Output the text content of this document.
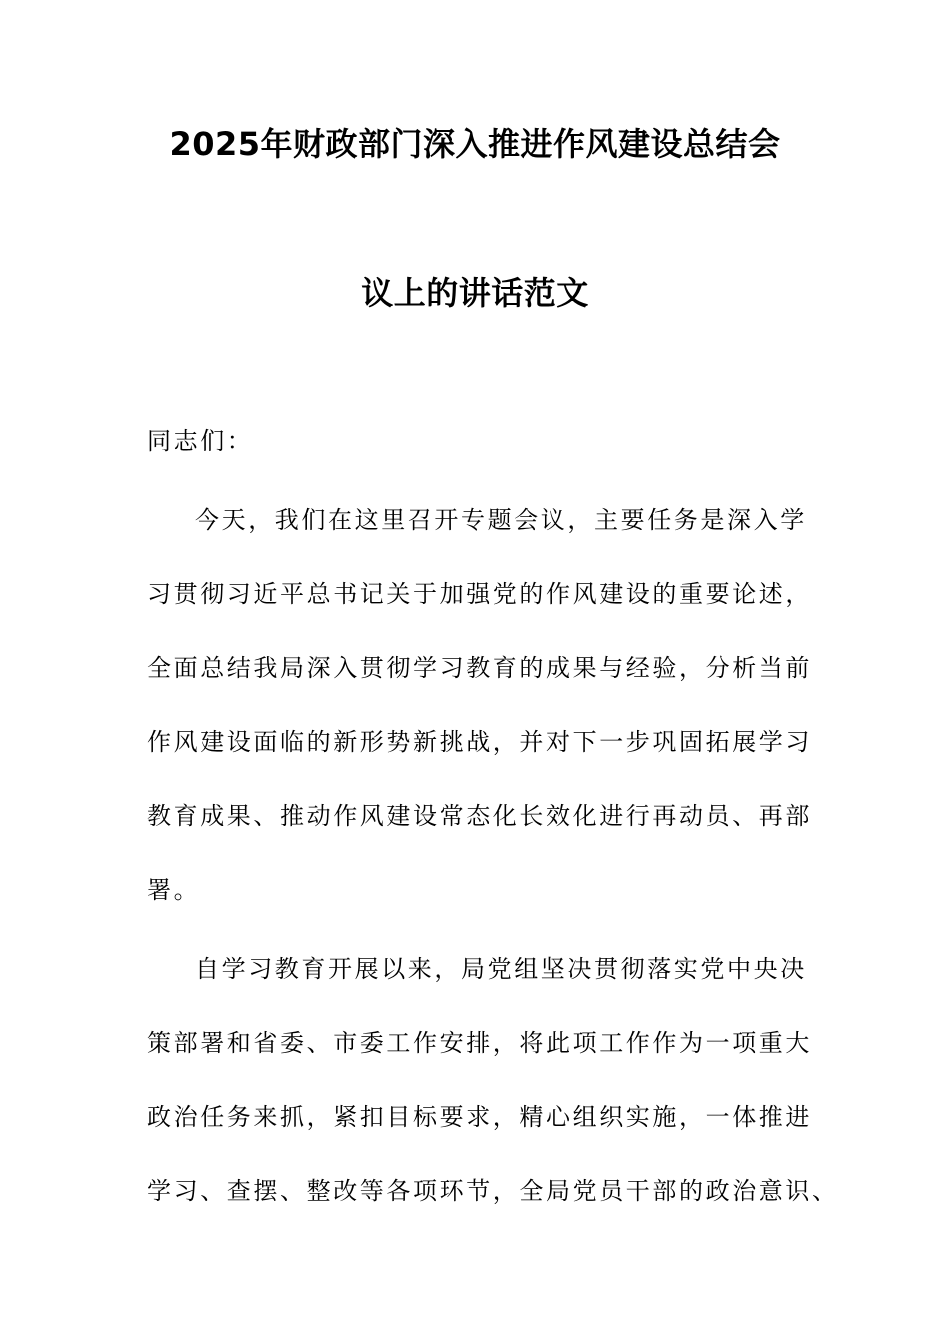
2025年财政部门深入推进作风建设总结会
议上的讲话范文
同志们：
今天，我们在这里召开专题会议，主要任务是深入学
习贯彻习近平总书记关于加强党的作风建设的重要论述，
全面总结我局深入贯彻学习教育的成果与经验，分析当前
作风建设面临的新形势新挑战，并对下一步巩固拓展学习
教育成果、推动作风建设常态化长效化进行再动员、再部
署。
自学习教育开展以来，局党组坚决贯彻落实党中央决
策部署和省委、市委工作安排，将此项工作作为一项重大
政治任务来抓，紧扣目标要求，精心组织实施，一体推进
学习、查摆、整改等各项环节，全局党员干部的政治意识、
